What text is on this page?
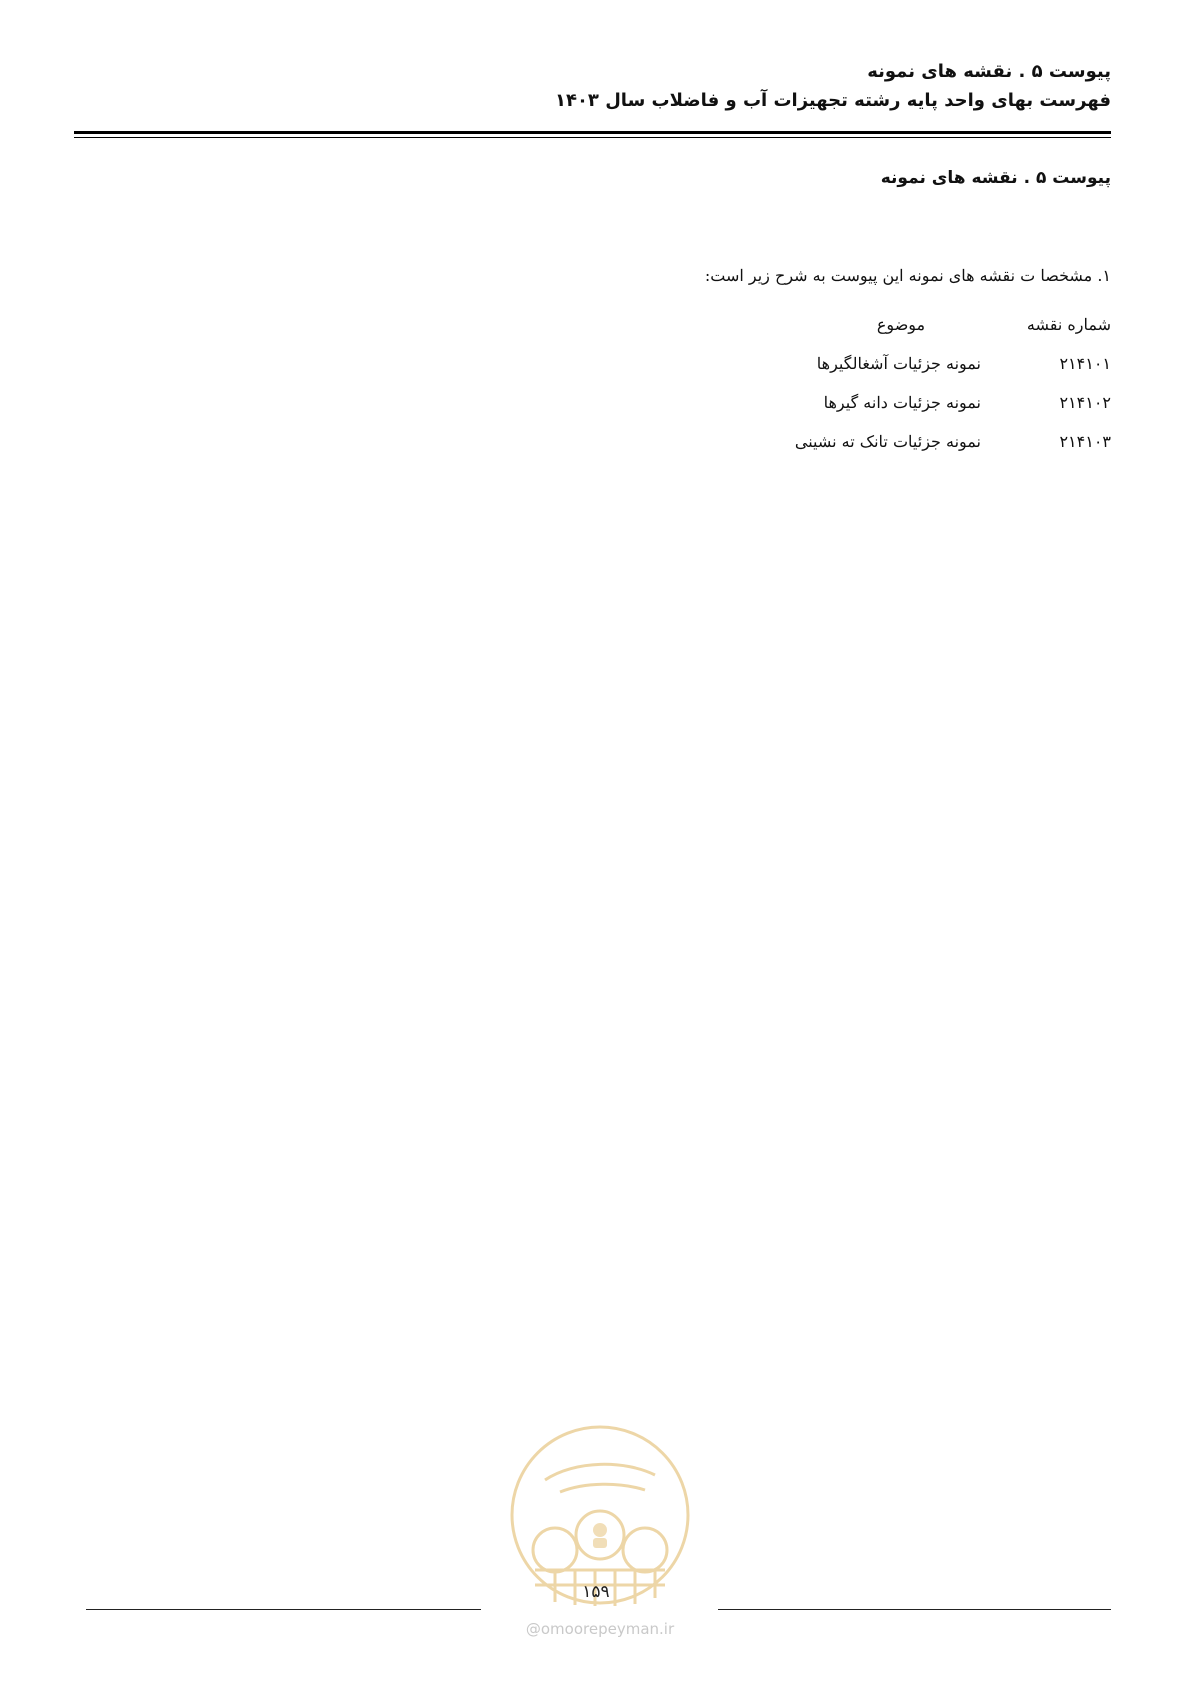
پیوست ۵ . نقشه های نمونه
فهرست بهای واحد پایه رشته تجهیزات آب و فاضلاب سال ۱۴۰۳
پیوست ۵ . نقشه های نمونه
۱. مشخصا ت نقشه های نمونه این پیوست به شرح زیر است:
شماره نقشه
موضوع
۲۱۴۱۰۱
نمونه جزئیات آشغالگیرها
۲۱۴۱۰۲
نمونه جزئیات دانه گیرها
۲۱۴۱۰۳
نمونه جزئیات تانک ته نشینی
۱۵۹
@omoorepeyman.ir
